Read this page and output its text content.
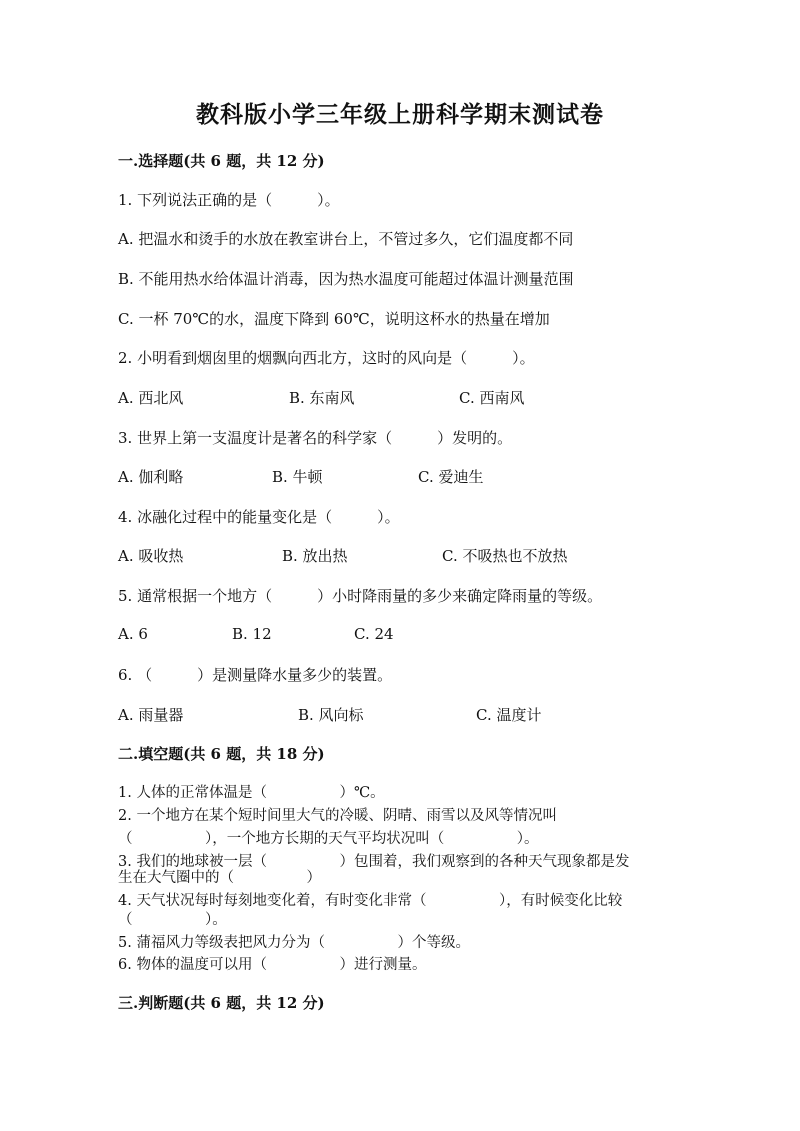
教科版小学三年级上册科学期末测试卷
一.选择题(共 6 题，共 12 分)
1. 下列说法正确的是（　　　）。
A. 把温水和烫手的水放在教室讲台上，不管过多久，它们温度都不同
B. 不能用热水给体温计消毒，因为热水温度可能超过体温计测量范围
C. 一杯 70℃的水，温度下降到 60℃，说明这杯水的热量在增加
2. 小明看到烟囱里的烟飘向西北方，这时的风向是（　　　）。
A. 西北风	B. 东南风	C. 西南风
3. 世界上第一支温度计是著名的科学家（　　　）发明的。
A. 伽利略	B. 牛顿	C. 爱迪生
4. 冰融化过程中的能量变化是（　　　）。
A. 吸收热	B. 放出热	C. 不吸热也不放热
5. 通常根据一个地方（　　　）小时降雨量的多少来确定降雨量的等级。
A. 6	B. 12	C. 24
6. （　　　）是测量降水量多少的装置。
A. 雨量器	B. 风向标	C. 温度计
二.填空题(共 6 题，共 18 分)
1. 人体的正常体温是（　　　　　）℃。
2. 一个地方在某个短时间里大气的冷暖、阴晴、雨雪以及风等情况叫
（　　　　　），一个地方长期的天气平均状况叫（　　　　　）。
3. 我们的地球被一层（　　　　　）包围着，我们观察到的各种天气现象都是发
生在大气圈中的（　　　　　）
4. 天气状况每时每刻地变化着，有时变化非常（　　　　　），有时候变化比较
（　　　　　）。
5. 蒲福风力等级表把风力分为（　　　　　）个等级。
6. 物体的温度可以用（　　　　　）进行测量。
三.判断题(共 6 题，共 12 分)
